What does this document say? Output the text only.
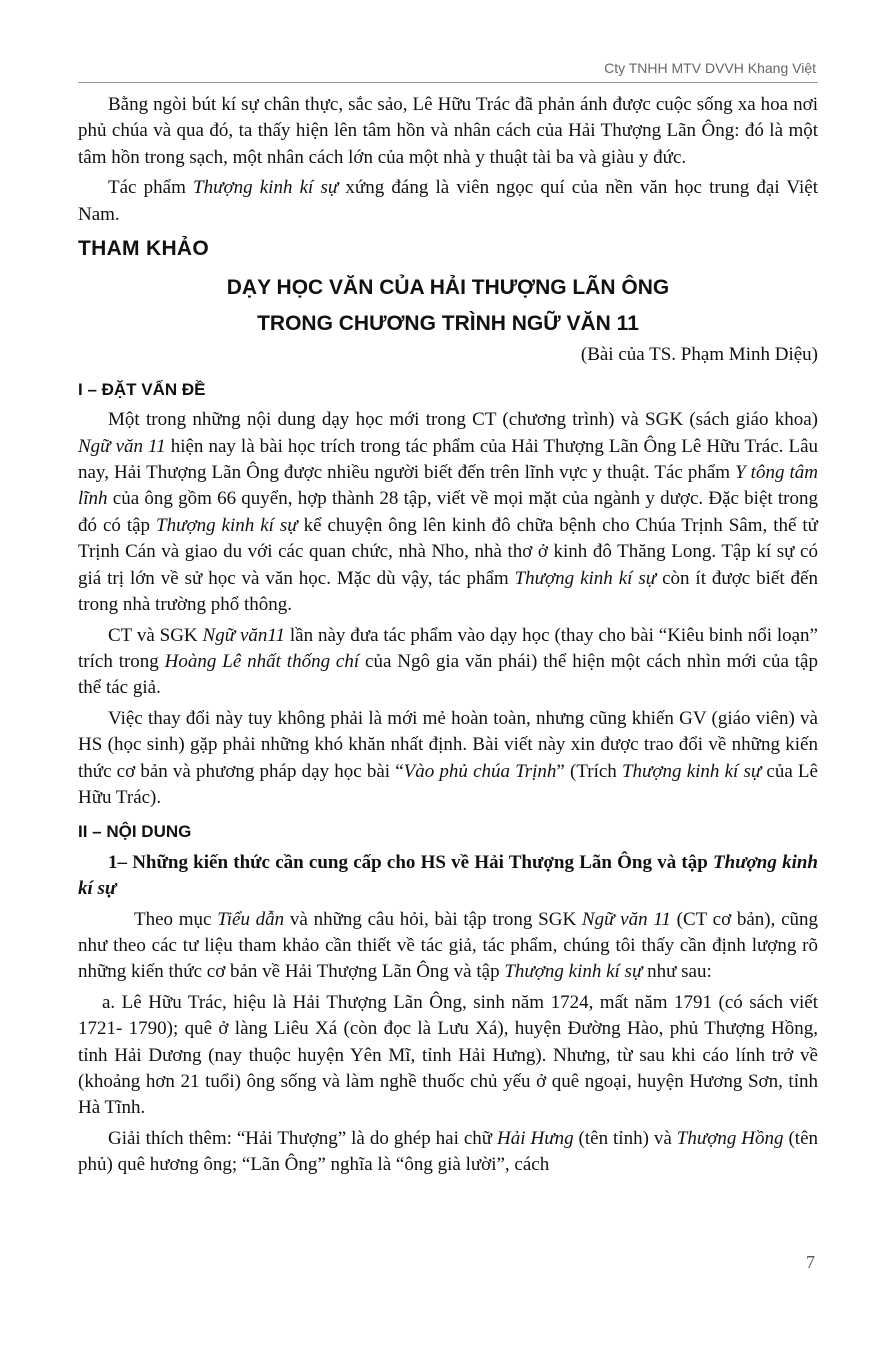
Cty TNHH MTV DVVH Khang Việt

Bằng ngòi bút kí sự chân thực, sắc sảo, Lê Hữu Trác đã phản ánh được cuộc sống xa hoa nơi phủ chúa và qua đó, ta thấy hiện lên tâm hồn và nhân cách của Hải Thượng Lãn Ông: đó là một tâm hồn trong sạch, một nhân cách lớn của một nhà y thuật tài ba và giàu y đức.

Tác phẩm Thượng kinh kí sự xứng đáng là viên ngọc quí của nền văn học trung đại Việt Nam.

THAM KHẢO
DẠY HỌC VĂN CỦA HẢI THƯỢNG LÃN ÔNG
TRONG CHƯƠNG TRÌNH NGỮ VĂN 11
(Bài của TS. Phạm Minh Diệu)
I – ĐẶT VẤN ĐỀ

Một trong những nội dung dạy học mới trong CT (chương trình) và SGK (sách giáo khoa) Ngữ văn 11 hiện nay là bài học trích trong tác phẩm của Hải Thượng Lãn Ông Lê Hữu Trác. Lâu nay, Hải Thượng Lãn Ông được nhiều người biết đến trên lĩnh vực y thuật. Tác phẩm Y tông tâm lĩnh của ông gồm 66 quyển, hợp thành 28 tập, viết về mọi mặt của ngành y dược. Đặc biệt trong đó có tập Thượng kinh kí sự kể chuyện ông lên kinh đô chữa bệnh cho Chúa Trịnh Sâm, thế tử Trịnh Cán và giao du với các quan chức, nhà Nho, nhà thơ ở kinh đô Thăng Long. Tập kí sự có giá trị lớn về sử học và văn học. Mặc dù vậy, tác phẩm Thượng kinh kí sự còn ít được biết đến trong nhà trường phổ thông.

CT và SGK Ngữ văn11 lần này đưa tác phẩm vào dạy học (thay cho bài “Kiêu binh nổi loạn” trích trong Hoàng Lê nhất thống chí của Ngô gia văn phái) thể hiện một cách nhìn mới của tập thể tác giả.

Việc thay đổi này tuy không phải là mới mẻ hoàn toàn, nhưng cũng khiến GV (giáo viên) và HS (học sinh) gặp phải những khó khăn nhất định. Bài viết này xin được trao đổi về những kiến thức cơ bản và phương pháp dạy học bài “Vào phủ chúa Trịnh” (Trích Thượng kinh kí sự của Lê Hữu Trác).

II – NỘI DUNG

1– Những kiến thức cần cung cấp cho HS về Hải Thượng Lãn Ông và tập Thượng kinh kí sự

Theo mục Tiểu dẫn và những câu hỏi, bài tập trong SGK Ngữ văn 11 (CT cơ bản), cũng như theo các tư liệu tham khảo cần thiết về tác giả, tác phẩm, chúng tôi thấy cần định lượng rõ những kiến thức cơ bản về Hải Thượng Lãn Ông và tập Thượng kinh kí sự như sau:

a. Lê Hữu Trác, hiệu là Hải Thượng Lãn Ông, sinh năm 1724, mất năm 1791 (có sách viết 1721- 1790); quê ở làng Liêu Xá (còn đọc là Lưu Xá), huyện Đường Hào, phủ Thượng Hồng, tỉnh Hải Dương (nay thuộc huyện Yên Mĩ, tỉnh Hải Hưng). Nhưng, từ sau khi cáo lính trở về (khoảng hơn 21 tuổi) ông sống và làm nghề thuốc chủ yếu ở quê ngoại, huyện Hương Sơn, tỉnh Hà Tĩnh.

Giải thích thêm: “Hải Thượng” là do ghép hai chữ Hải Hưng (tên tỉnh) và Thượng Hồng (tên phủ) quê hương ông; “Lãn Ông” nghĩa là “ông già lười”, cách

7
